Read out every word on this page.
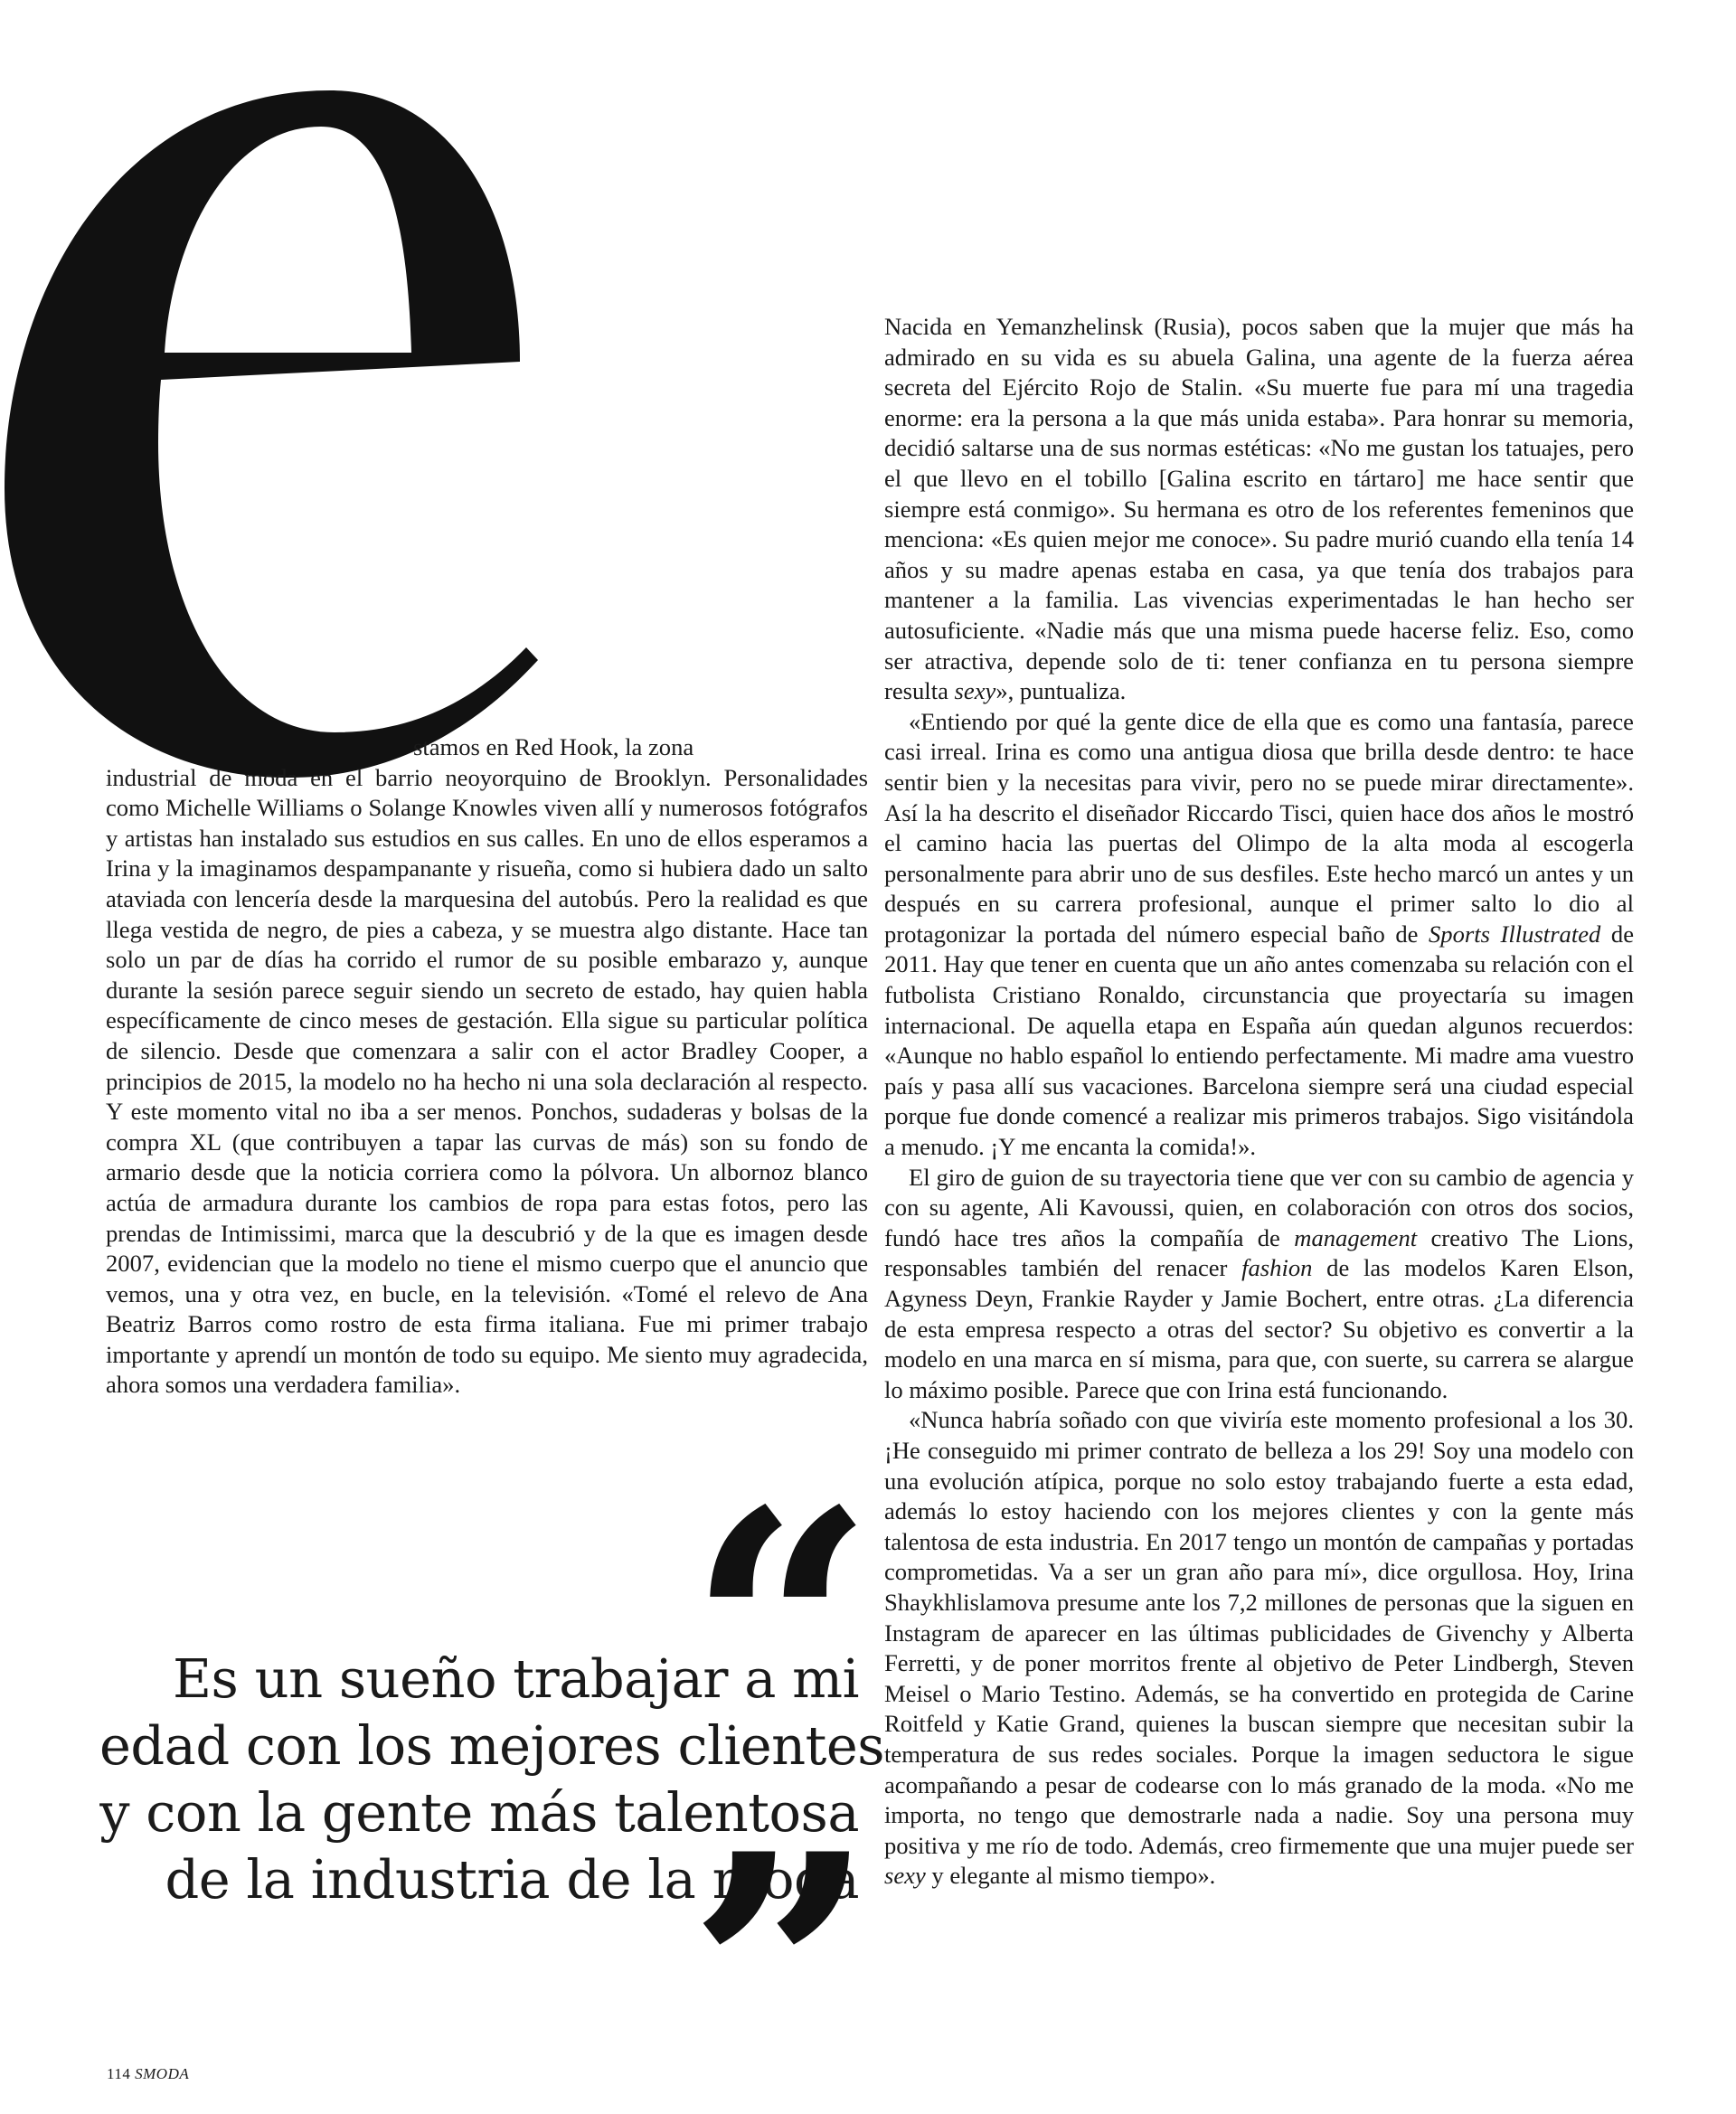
stamos en Red Hook, la zona
industrial de moda en el barrio neoyorquino de Brooklyn. Personalidades como Michelle Williams o Solange Knowles viven allí y numerosos fotógrafos y artistas han instalado sus estudios en sus calles. En uno de ellos esperamos a Irina y la imaginamos despampanante y risueña, como si hubiera dado un salto ataviada con lencería desde la marquesina del autobús. Pero la realidad es que llega vestida de negro, de pies a cabeza, y se muestra algo distante. Hace tan solo un par de días ha corrido el rumor de su posible embarazo y, aunque durante la sesión parece seguir siendo un secreto de estado, hay quien habla específicamente de cinco meses de gestación. Ella sigue su particular política de silencio. Desde que comenzara a salir con el actor Bradley Cooper, a principios de 2015, la modelo no ha hecho ni una sola declaración al respecto. Y este momento vital no iba a ser menos. Ponchos, sudaderas y bolsas de la compra XL (que contribuyen a tapar las curvas de más) son su fondo de armario desde que la noticia corriera como la pólvora. Un albornoz blanco actúa de armadura durante los cambios de ropa para estas fotos, pero las prendas de Intimissimi, marca que la descubrió y de la que es imagen desde 2007, evidencian que la modelo no tiene el mismo cuerpo que el anuncio que vemos, una y otra vez, en bucle, en la televisión. «Tomé el relevo de Ana Beatriz Barros como rostro de esta firma italiana. Fue mi primer trabajo importante y aprendí un montón de todo su equipo. Me siento muy agradecida, ahora somos una verdadera familia».

“
Es un sueño trabajar a mi
edad con los mejores clientes
y con la gente más talentosa
de la industria de la moda
”

Nacida en Yemanzhelinsk (Rusia), pocos saben que la mujer que más ha admirado en su vida es su abuela Galina, una agente de la fuerza aérea secreta del Ejército Rojo de Stalin. «Su muerte fue para mí una tragedia enorme: era la persona a la que más unida estaba». Para honrar su memoria, decidió saltarse una de sus normas estéticas: «No me gustan los tatuajes, pero el que llevo en el tobillo [Galina escrito en tártaro] me hace sentir que siempre está conmigo». Su hermana es otro de los referentes femeninos que menciona: «Es quien mejor me conoce». Su padre murió cuando ella tenía 14 años y su madre apenas estaba en casa, ya que tenía dos trabajos para mantener a la familia. Las vivencias experimentadas le han hecho ser autosuficiente. «Nadie más que una misma puede hacerse feliz. Eso, como ser atractiva, depende solo de ti: tener confianza en tu persona siempre resulta sexy», puntualiza.

«Entiendo por qué la gente dice de ella que es como una fantasía, parece casi irreal. Irina es como una antigua diosa que brilla desde dentro: te hace sentir bien y la necesitas para vivir, pero no se puede mirar directamente». Así la ha descrito el diseñador Riccardo Tisci, quien hace dos años le mostró el camino hacia las puertas del Olimpo de la alta moda al escogerla personalmente para abrir uno de sus desfiles. Este hecho marcó un antes y un después en su carrera profesional, aunque el primer salto lo dio al protagonizar la portada del número especial baño de Sports Illustrated de 2011. Hay que tener en cuenta que un año antes comenzaba su relación con el futbolista Cristiano Ronaldo, circunstancia que proyectaría su imagen internacional. De aquella etapa en España aún quedan algunos recuerdos: «Aunque no hablo español lo entiendo perfectamente. Mi madre ama vuestro país y pasa allí sus vacaciones. Barcelona siempre será una ciudad especial porque fue donde comencé a realizar mis primeros trabajos. Sigo visitándola a menudo. ¡Y me encanta la comida!».

El giro de guion de su trayectoria tiene que ver con su cambio de agencia y con su agente, Ali Kavoussi, quien, en colaboración con otros dos socios, fundó hace tres años la compañía de management creativo The Lions, responsables también del renacer fashion de las modelos Karen Elson, Agyness Deyn, Frankie Rayder y Jamie Bochert, entre otras. ¿La diferencia de esta empresa respecto a otras del sector? Su objetivo es convertir a la modelo en una marca en sí misma, para que, con suerte, su carrera se alargue lo máximo posible. Parece que con Irina está funcionando.

«Nunca habría soñado con que viviría este momento profesional a los 30. ¡He conseguido mi primer contrato de belleza a los 29! Soy una modelo con una evolución atípica, porque no solo estoy trabajando fuerte a esta edad, además lo estoy haciendo con los mejores clientes y con la gente más talentosa de esta industria. En 2017 tengo un montón de campañas y portadas comprometidas. Va a ser un gran año para mí», dice orgullosa. Hoy, Irina Shaykhlislamova presume ante los 7,2 millones de personas que la siguen en Instagram de aparecer en las últimas publicidades de Givenchy y Alberta Ferretti, y de poner morritos frente al objetivo de Peter Lindbergh, Steven Meisel o Mario Testino. Además, se ha convertido en protegida de Carine Roitfeld y Katie Grand, quienes la buscan siempre que necesitan subir la temperatura de sus redes sociales. Porque la imagen seductora le sigue acompañando a pesar de codearse con lo más granado de la moda. «No me importa, no tengo que demostrarle nada a nadie. Soy una persona muy positiva y me río de todo. Además, creo firmemente que una mujer puede ser sexy y elegante al mismo tiempo».

114 SMODA
